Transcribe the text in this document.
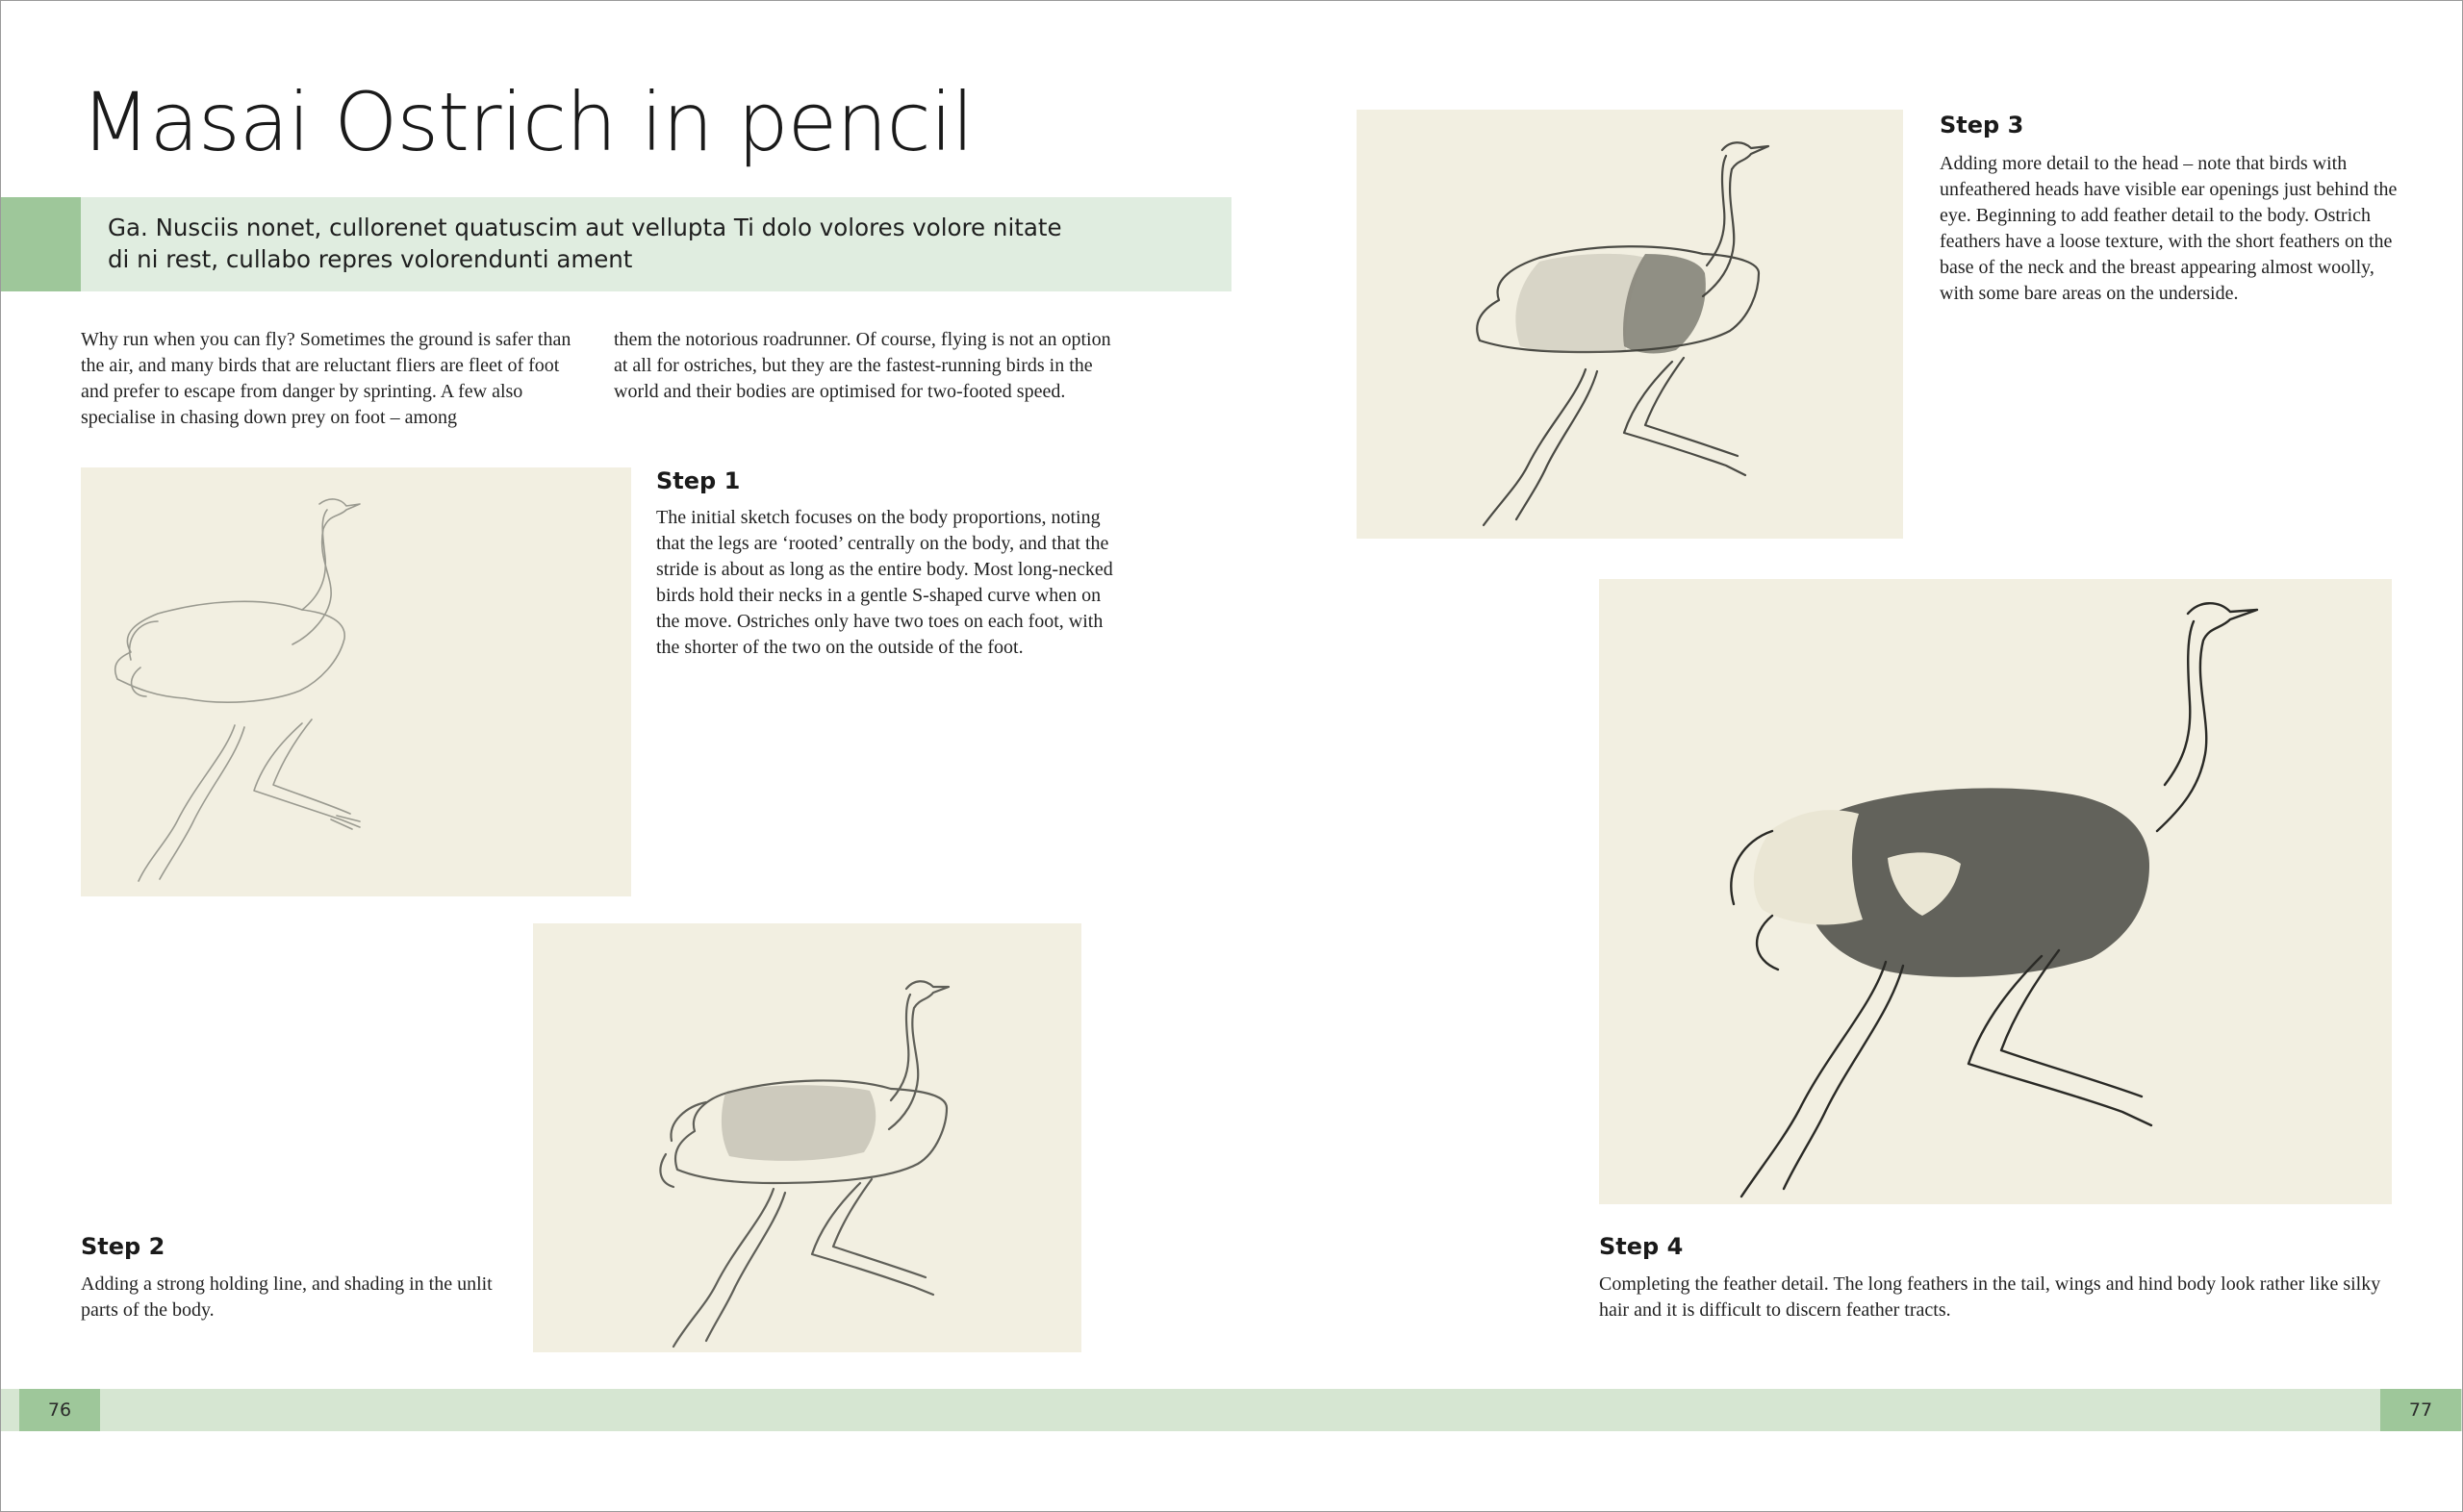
Masai Ostrich in pencil

Ga. Nusciis nonet, cullorenet quatuscim aut vellupta Ti dolo volores volore nitate di ni rest, cullabo repres volorendunti ament

Why run when you can fly? Sometimes the ground is safer than the air, and many birds that are reluctant fliers are fleet of foot and prefer to escape from danger by sprinting. A few also specialise in chasing down prey on foot – among

them the notorious roadrunner. Of course, flying is not an option at all for ostriches, but they are the fastest-running birds in the world and their bodies are optimised for two-footed speed.

Step 1

The initial sketch focuses on the body proportions, noting that the legs are ‘rooted’ centrally on the body, and that the stride is about as long as the entire body. Most long-necked birds hold their necks in a gentle S-shaped curve when on the move. Ostriches only have two toes on each foot, with the shorter of the two on the outside of the foot.

Step 2

Adding a strong holding line, and shading in the unlit parts of the body.

Step 3

Adding more detail to the head – note that birds with unfeathered heads have visible ear openings just behind the eye. Beginning to add feather detail to the body. Ostrich feathers have a loose texture, with the short feathers on the base of the neck and the breast appearing almost woolly, with some bare areas on the underside.

Step 4

Completing the feather detail. The long feathers in the tail, wings and hind body look rather like silky hair and it is difficult to discern feather tracts.

76	77
